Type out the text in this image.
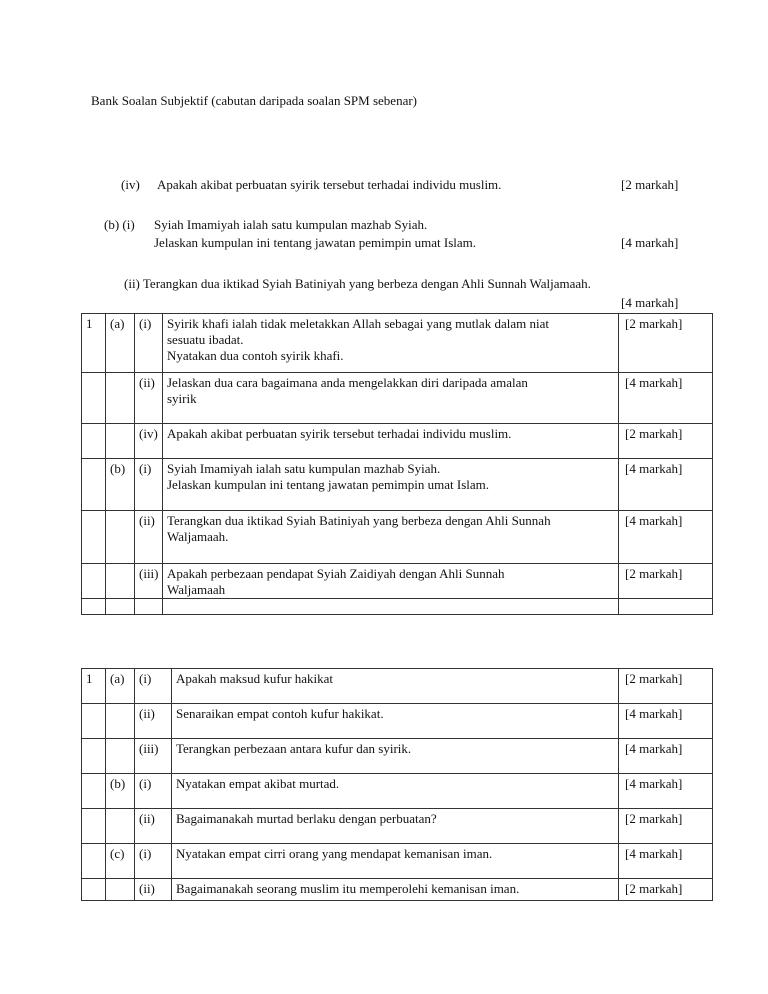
Bank Soalan Subjektif (cabutan daripada soalan SPM sebenar)
(iv) Apakah akibat perbuatan syirik tersebut terhadai individu muslim.	[2 markah]
(b) (i) Syiah Imamiyah ialah satu kumpulan mazhab Syiah.
Jelaskan kumpulan ini tentang jawatan pemimpin umat Islam.	[4 markah]
(ii) Terangkan dua iktikad Syiah Batiniyah yang berbeza dengan Ahli Sunnah Waljamaah.
[4 markah]
1	(a)	(i)	Syirik khafi ialah tidak meletakkan Allah sebagai yang mutlak dalam niat
sesuatu ibadat.
Nyatakan dua contoh syirik khafi.	[2 markah]
		(ii)	Jelaskan dua cara bagaimana anda mengelakkan diri daripada amalan
syirik	[4 markah]
		(iv)	Apakah akibat perbuatan syirik tersebut terhadai individu muslim.	[2 markah]
	(b)	(i)	Syiah Imamiyah ialah satu kumpulan mazhab Syiah.
Jelaskan kumpulan ini tentang jawatan pemimpin umat Islam.	[4 markah]
		(ii)	Terangkan dua iktikad Syiah Batiniyah yang berbeza dengan Ahli Sunnah
Waljamaah.	[4 markah]
		(iii)	Apakah perbezaan pendapat Syiah Zaidiyah dengan Ahli Sunnah
Waljamaah	[2 markah]

1	(a)	(i)	Apakah maksud kufur hakikat	[2 markah]
		(ii)	Senaraikan empat contoh kufur hakikat.	[4 markah]
		(iii)	Terangkan perbezaan antara kufur dan syirik.	[4 markah]
	(b)	(i)	Nyatakan empat akibat murtad.	[4 markah]
		(ii)	Bagaimanakah murtad berlaku dengan perbuatan?	[2 markah]
	(c)	(i)	Nyatakan empat cirri orang yang mendapat kemanisan iman.	[4 markah]
		(ii)	Bagaimanakah seorang muslim itu memperolehi kemanisan iman.	[2 markah]
